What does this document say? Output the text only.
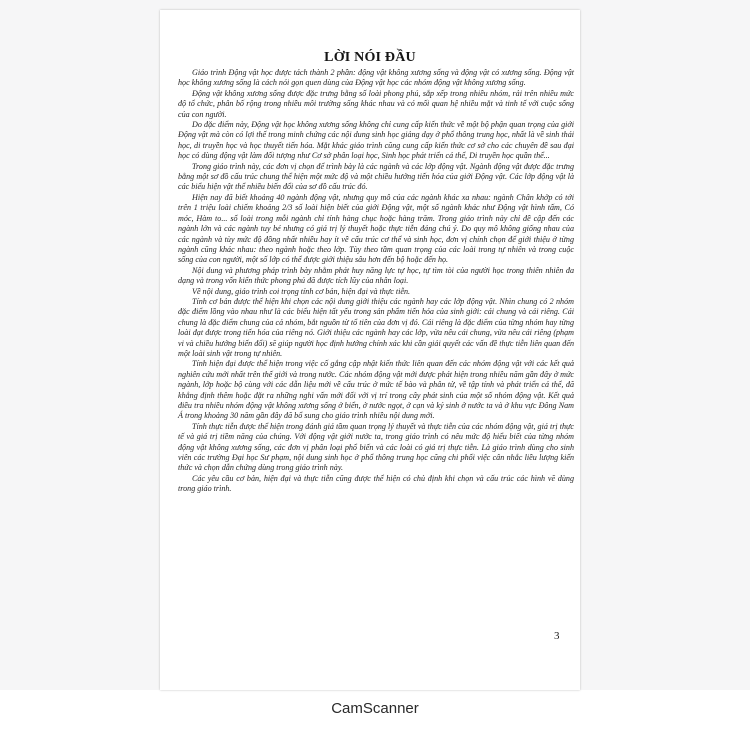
LỜI NÓI ĐẦU

Giáo trình Động vật học được tách thành 2 phần: động vật không xương sống và động vật có xương sống. Động vật học không xương sống là cách nói gọn quen dùng của Động vật học các nhóm động vật không xương sống.

Động vật không xương sống được đặc trưng bằng số loài phong phú, sắp xếp trong nhiều nhóm, rải trên nhiều mức độ tổ chức, phân bố rộng trong nhiều môi trường sống khác nhau và có mối quan hệ nhiều mặt và tinh tế với cuộc sống của con người.

Do đặc điểm này, Động vật học không xương sống không chỉ cung cấp kiến thức về một bộ phận quan trọng của giới Động vật mà còn có lợi thế trong minh chứng các nội dung sinh học giảng dạy ở phổ thông trung học, nhất là về sinh thái học, di truyền học và học thuyết tiến hóa. Mặt khác giáo trình cũng cung cấp kiến thức cơ sở cho các chuyên đề sau đại học có dùng động vật làm đối tượng như Cơ sở phân loại học, Sinh học phát triển cá thể, Di truyền học quần thể...

Trong giáo trình này, các đơn vị chọn để trình bày là các ngành và các lớp động vật. Ngành động vật được đặc trưng bằng một sơ đồ cấu trúc chung thể hiện một mức độ và một chiều hướng tiến hóa của giới Động vật. Các lớp động vật là các biểu hiện vật thể nhiều biến đổi của sơ đồ cấu trúc đó.

Hiện nay đã biết khoảng 40 ngành động vật, nhưng quy mô của các ngành khác xa nhau: ngành Chân khớp có tới trên 1 triệu loài chiếm khoảng 2/3 số loài hiện biết của giới Động vật, một số ngành khác như Động vật hình tấm, Có móc, Hàm to... số loài trong mỗi ngành chỉ tính hàng chục hoặc hàng trăm. Trong giáo trình này chỉ đề cập đến các ngành lớn và các ngành tuy bé nhưng có giá trị lý thuyết hoặc thực tiễn đáng chú ý. Do quy mô không giống nhau của các ngành và tùy mức độ đồng nhất nhiều hay ít về cấu trúc cơ thể và sinh học, đơn vị chính chọn để giới thiệu ở từng ngành cũng khác nhau: theo ngành hoặc theo lớp. Tùy theo tầm quan trọng của các loài trong tự nhiên và trong cuộc sống của con người, một số lớp có thể được giới thiệu sâu hơn đến bộ hoặc đến họ.

Nội dung và phương pháp trình bày nhằm phát huy năng lực tự học, tự tìm tòi của người học trong thiên nhiên đa dạng và trong vốn kiến thức phong phú đã được tích lũy của nhân loại.

Về nội dung, giáo trình coi trọng tính cơ bản, hiện đại và thực tiễn.

Tính cơ bản được thể hiện khi chọn các nội dung giới thiệu các ngành hay các lớp động vật. Nhìn chung có 2 nhóm đặc điểm lồng vào nhau như là các biểu hiện tất yếu trong sản phẩm tiến hóa của sinh giới: cái chung và cái riêng. Cái chung là đặc điểm chung của cả nhóm, bắt nguồn từ tổ tiên của đơn vị đó. Cái riêng là đặc điểm của từng nhóm hay từng loài đạt được trong tiến hóa của riêng nó. Giới thiệu các ngành hay các lớp, vừa nêu cái chung, vừa nêu cái riêng (phạm vi và chiều hướng biến đổi) sẽ giúp người học định hướng chính xác khi cần giải quyết các vấn đề thực tiễn liên quan đến một loài sinh vật trong tự nhiên.

Tính hiện đại được thể hiện trong việc cố gắng cập nhật kiến thức liên quan đến các nhóm động vật với các kết quả nghiên cứu mới nhất trên thế giới và trong nước. Các nhóm động vật mới được phát hiện trong nhiều năm gần đây ở mức ngành, lớp hoặc bộ cùng với các dẫn liệu mới về cấu trúc ở mức tế bào và phân tử, về tập tính và phát triển cá thể, đã khẳng định thêm hoặc đặt ra những nghi vấn mới đối với vị trí trong cây phát sinh của một số nhóm động vật. Kết quả điều tra nhiều nhóm động vật không xương sống ở biển, ở nước ngọt, ở cạn và ký sinh ở nước ta và ở khu vực Đông Nam Á trong khoảng 30 năm gần đây đã bổ sung cho giáo trình nhiều nội dung mới.

Tính thực tiễn được thể hiện trong đánh giá tầm quan trọng lý thuyết và thực tiễn của các nhóm động vật, giá trị thực tế và giá trị tiềm năng của chúng. Với động vật giới nước ta, trong giáo trình có nêu mức độ hiểu biết của từng nhóm động vật không xương sống, các đơn vị phân loại phổ biến và các loài có giá trị thực tiễn. Là giáo trình dùng cho sinh viên các trường Đại học Sư phạm, nội dung sinh học ở phổ thông trung học cũng chi phối việc cân nhắc liều lượng kiến thức và chọn dẫn chứng dùng trong giáo trình này.

Các yêu cầu cơ bản, hiện đại và thực tiễn cũng được thể hiện có chủ định khi chọn và cấu trúc các hình vẽ dùng trong giáo trình.

3
CamScanner
